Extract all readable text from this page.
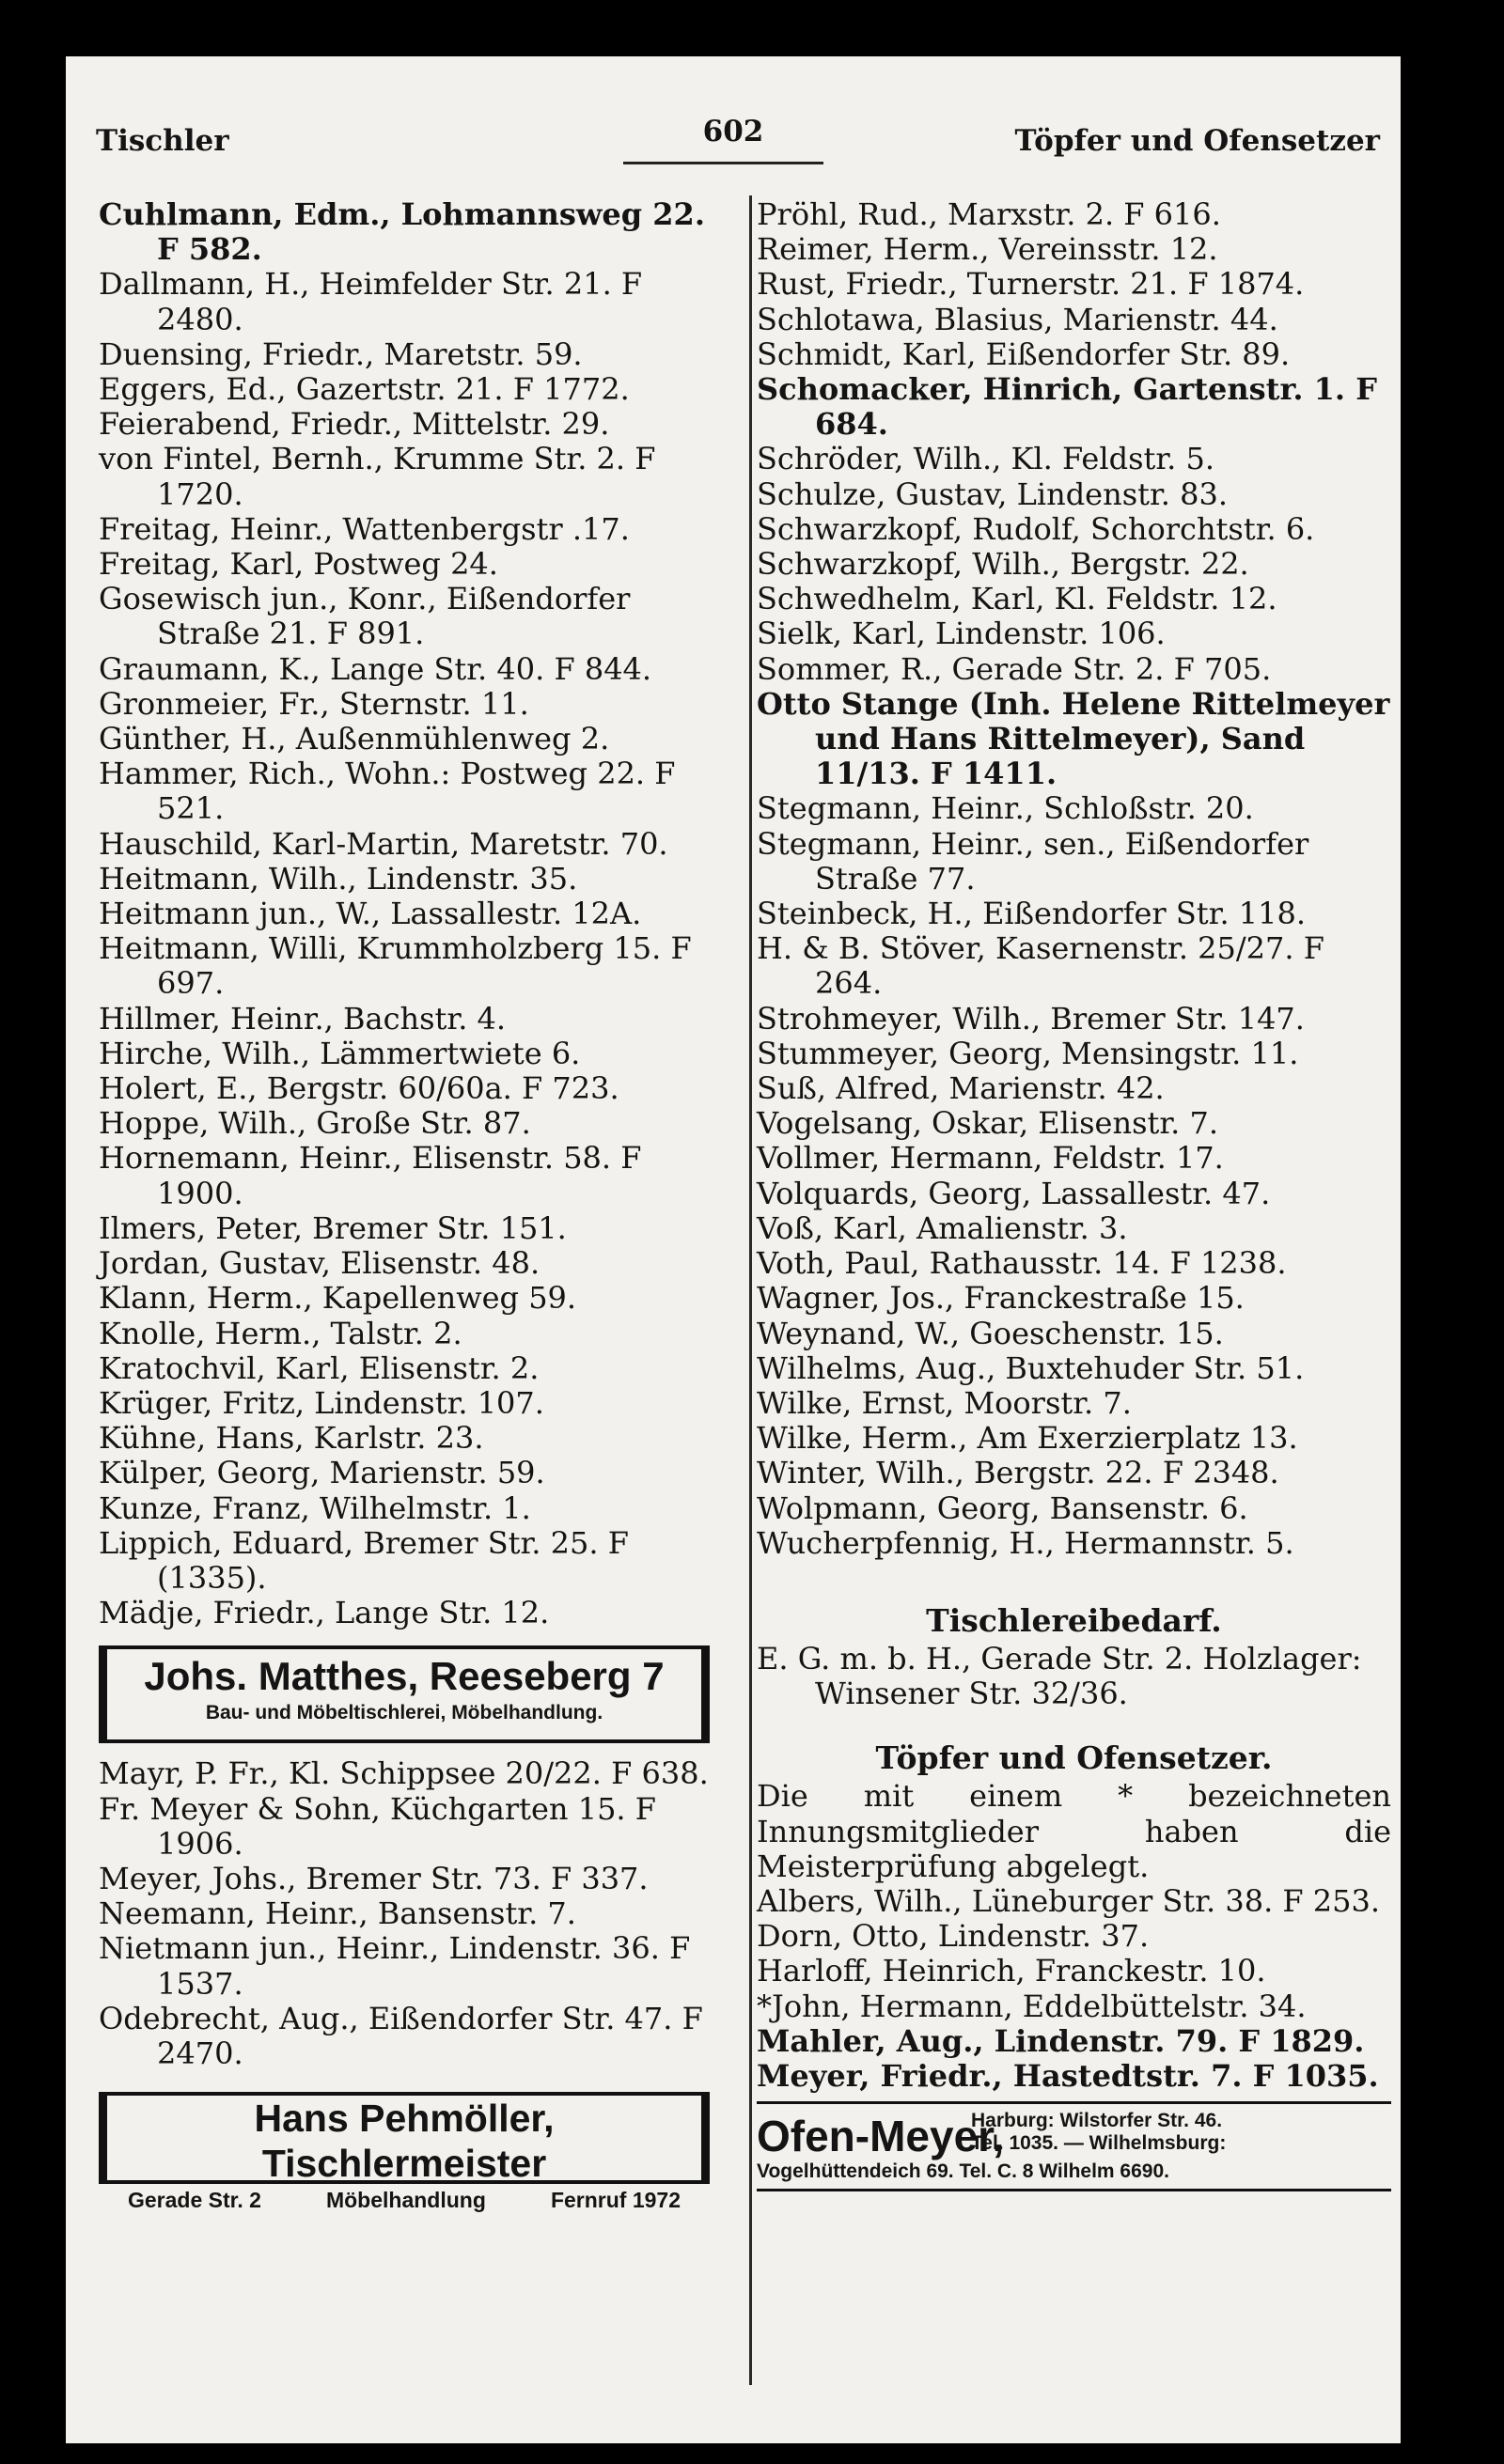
Tischler	602	Töpfer und Ofensetzer
Cuhlmann, Edm., Lohmannsweg 22. F 582.
Dallmann, H., Heimfelder Str. 21. F 2480.
Duensing, Friedr., Maretstr. 59.
Eggers, Ed., Gazertstr. 21. F 1772.
Feierabend, Friedr., Mittelstr. 29.
von Fintel, Bernh., Krumme Str. 2. F 1720.
Freitag, Heinr., Wattenbergstr .17.
Freitag, Karl, Postweg 24.
Gosewisch jun., Konr., Eißendorfer Straße 21. F 891.
Graumann, K., Lange Str. 40. F 844.
Gronmeier, Fr., Sternstr. 11.
Günther, H., Außenmühlenweg 2.
Hammer, Rich., Wohn.: Postweg 22. F 521.
Hauschild, Karl-Martin, Maretstr. 70.
Heitmann, Wilh., Lindenstr. 35.
Heitmann jun., W., Lassallestr. 12A.
Heitmann, Willi, Krummholzberg 15. F 697.
Hillmer, Heinr., Bachstr. 4.
Hirche, Wilh., Lämmertwiete 6.
Holert, E., Bergstr. 60/60a. F 723.
Hoppe, Wilh., Große Str. 87.
Hornemann, Heinr., Elisenstr. 58. F 1900.
Ilmers, Peter, Bremer Str. 151.
Jordan, Gustav, Elisenstr. 48.
Klann, Herm., Kapellenweg 59.
Knolle, Herm., Talstr. 2.
Kratochvil, Karl, Elisenstr. 2.
Krüger, Fritz, Lindenstr. 107.
Kühne, Hans, Karlstr. 23.
Külper, Georg, Marienstr. 59.
Kunze, Franz, Wilhelmstr. 1.
Lippich, Eduard, Bremer Str. 25. F (1335).
Mädje, Friedr., Lange Str. 12.
Johs. Matthes, Reeseberg 7
Bau- und Möbeltischlerei, Möbelhandlung.
Mayr, P. Fr., Kl. Schippsee 20/22. F 638.
Fr. Meyer & Sohn, Küchgarten 15. F 1906.
Meyer, Johs., Bremer Str. 73. F 337.
Neemann, Heinr., Bansenstr. 7.
Nietmann jun., Heinr., Lindenstr. 36. F 1537.
Odebrecht, Aug., Eißendorfer Str. 47. F 2470.
Hans Pehmöller, Tischlermeister
Gerade Str. 2	Möbelhandlung	Fernruf 1972
Pröhl, Rud., Marxstr. 2. F 616.
Reimer, Herm., Vereinsstr. 12.
Rust, Friedr., Turnerstr. 21. F 1874.
Schlotawa, Blasius, Marienstr. 44.
Schmidt, Karl, Eißendorfer Str. 89.
Schomacker, Hinrich, Gartenstr. 1. F 684.
Schröder, Wilh., Kl. Feldstr. 5.
Schulze, Gustav, Lindenstr. 83.
Schwarzkopf, Rudolf, Schorchtstr. 6.
Schwarzkopf, Wilh., Bergstr. 22.
Schwedhelm, Karl, Kl. Feldstr. 12.
Sielk, Karl, Lindenstr. 106.
Sommer, R., Gerade Str. 2. F 705.
Otto Stange (Inh. Helene Rittelmeyer und Hans Rittelmeyer), Sand 11/13. F 1411.
Stegmann, Heinr., Schloßstr. 20.
Stegmann, Heinr., sen., Eißendorfer Straße 77.
Steinbeck, H., Eißendorfer Str. 118.
H. & B. Stöver, Kasernenstr. 25/27. F 264.
Strohmeyer, Wilh., Bremer Str. 147.
Stummeyer, Georg, Mensingstr. 11.
Suß, Alfred, Marienstr. 42.
Vogelsang, Oskar, Elisenstr. 7.
Vollmer, Hermann, Feldstr. 17.
Volquards, Georg, Lassallestr. 47.
Voß, Karl, Amalienstr. 3.
Voth, Paul, Rathausstr. 14. F 1238.
Wagner, Jos., Franckestraße 15.
Weynand, W., Goeschenstr. 15.
Wilhelms, Aug., Buxtehuder Str. 51.
Wilke, Ernst, Moorstr. 7.
Wilke, Herm., Am Exerzierplatz 13.
Winter, Wilh., Bergstr. 22. F 2348.
Wolpmann, Georg, Bansenstr. 6.
Wucherpfennig, H., Hermannstr. 5.
Tischlereibedarf.
E. G. m. b. H., Gerade Str. 2. Holzlager: Winsener Str. 32/36.
Töpfer und Ofensetzer.
Die mit einem * bezeichneten Innungsmitglieder haben die Meisterprüfung abgelegt.
Albers, Wilh., Lüneburger Str. 38. F 253.
Dorn, Otto, Lindenstr. 37.
Harloff, Heinrich, Franckestr. 10.
*John, Hermann, Eddelbüttelstr. 34.
Mahler, Aug., Lindenstr. 79. F 1829.
Meyer, Friedr., Hastedtstr. 7. F 1035.
Ofen-Meyer,
Harburg: Wilstorfer Str. 46.
Tel. 1035. — Wilhelmsburg:
Vogelhüttendeich 69. Tel. C. 8 Wilhelm 6690.
